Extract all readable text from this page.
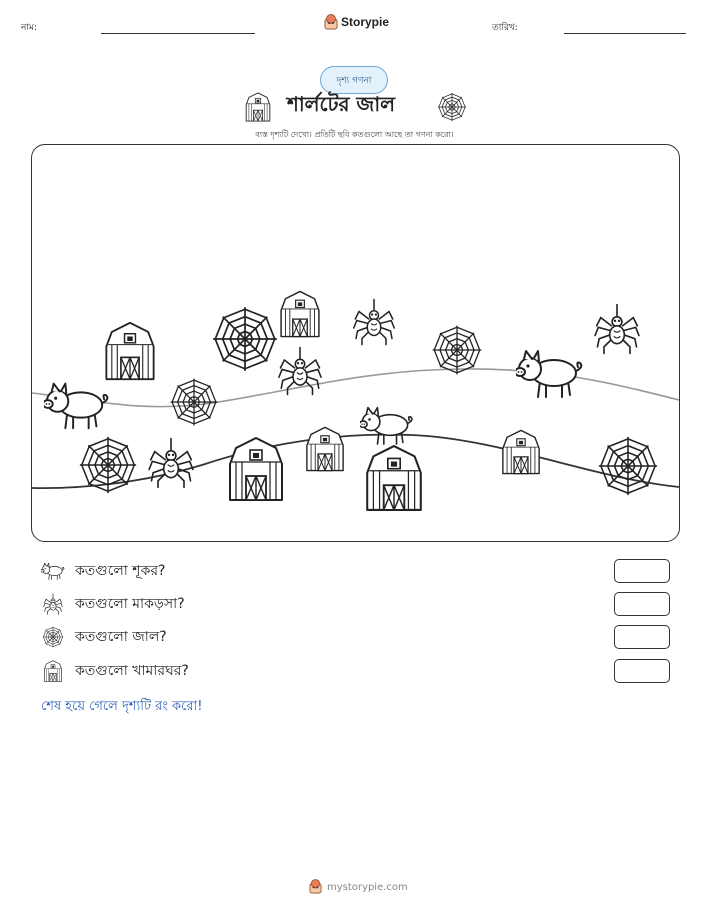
নাম:	Storypie	তারিখ:
দৃশ্য গণনা
শার্লটের জাল
ব্যস্ত দৃশ্যটি দেখো। প্রতিটি ছবি কতগুলো আছে তা গণনা করো।
কতগুলো শূকর?
কতগুলো মাকড়সা?
কতগুলো জাল?
কতগুলো খামারঘর?
শেষ হয়ে গেলে দৃশ্যটি রং করো!
mystorypie.com
